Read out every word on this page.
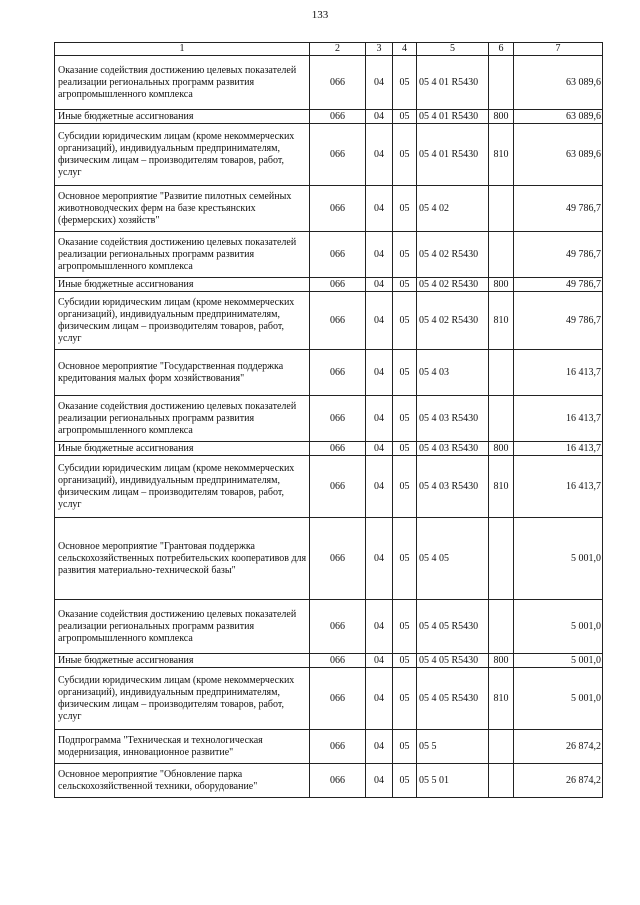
133
1	2	3	4	5	6	7
Оказание содействия достижению целевых показателей реализации региональных программ развития агропромышленного комплекса	066	04	05	05 4 01 R5430		63 089,6
Иные бюджетные ассигнования	066	04	05	05 4 01 R5430	800	63 089,6
Субсидии юридическим лицам (кроме некоммерческих организаций), индивидуальным предпринимателям, физическим лицам – производителям товаров, работ, услуг	066	04	05	05 4 01 R5430	810	63 089,6
Основное мероприятие "Развитие пилотных семейных животноводческих ферм на базе крестьянских (фермерских) хозяйств"	066	04	05	05 4 02		49 786,7
Оказание содействия достижению целевых показателей реализации региональных программ развития агропромышленного комплекса	066	04	05	05 4 02 R5430		49 786,7
Иные бюджетные ассигнования	066	04	05	05 4 02 R5430	800	49 786,7
Субсидии юридическим лицам (кроме некоммерческих организаций), индивидуальным предпринимателям, физическим лицам – производителям товаров, работ, услуг	066	04	05	05 4 02 R5430	810	49 786,7
Основное мероприятие "Государственная поддержка кредитования малых форм хозяйствования"	066	04	05	05 4 03		16 413,7
Оказание содействия достижению целевых показателей реализации региональных программ развития агропромышленного комплекса	066	04	05	05 4 03 R5430		16 413,7
Иные бюджетные ассигнования	066	04	05	05 4 03 R5430	800	16 413,7
Субсидии юридическим лицам (кроме некоммерческих организаций), индивидуальным предпринимателям, физическим лицам – производителям товаров, работ, услуг	066	04	05	05 4 03 R5430	810	16 413,7
Основное мероприятие "Грантовая поддержка сельскохозяйственных потребительских кооперативов для развития материально-технической базы"	066	04	05	05 4 05		5 001,0
Оказание содействия достижению целевых показателей реализации региональных программ развития агропромышленного комплекса	066	04	05	05 4 05 R5430		5 001,0
Иные бюджетные ассигнования	066	04	05	05 4 05 R5430	800	5 001,0
Субсидии юридическим лицам (кроме некоммерческих организаций), индивидуальным предпринимателям, физическим лицам – производителям товаров, работ, услуг	066	04	05	05 4 05 R5430	810	5 001,0
Подпрограмма "Техническая и технологическая модернизация, инновационное развитие"	066	04	05	05 5		26 874,2
Основное мероприятие "Обновление парка сельскохозяйственной техники, оборудование"	066	04	05	05 5 01		26 874,2
